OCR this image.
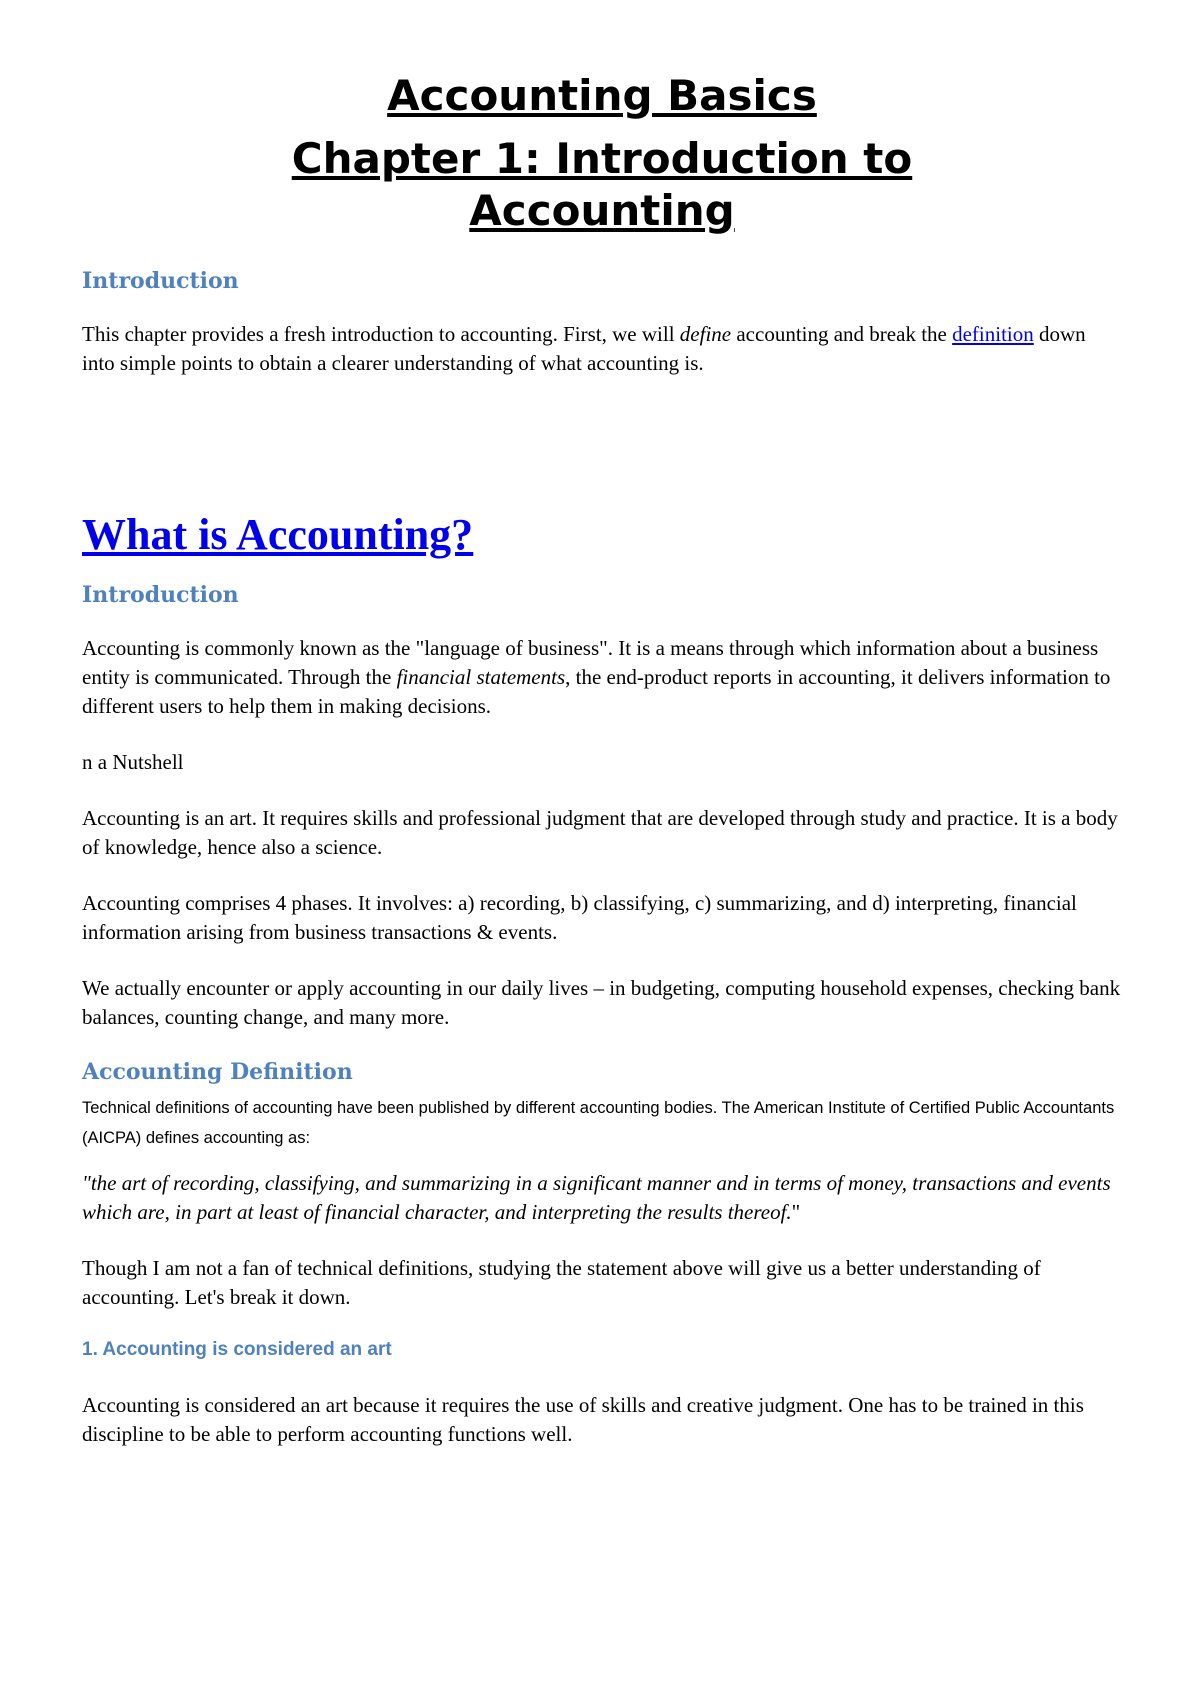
Accounting Basics
Chapter 1: Introduction to
Accounting
Introduction

This chapter provides a fresh introduction to accounting. First, we will define accounting and break the definition down into simple points to obtain a clearer understanding of what accounting is.

What is Accounting?
Introduction

Accounting is commonly known as the "language of business". It is a means through which information about a business entity is communicated. Through the financial statements, the end-product reports in accounting, it delivers information to different users to help them in making decisions.

n a Nutshell

Accounting is an art. It requires skills and professional judgment that are developed through study and practice. It is a body of knowledge, hence also a science.

Accounting comprises 4 phases. It involves: a) recording, b) classifying, c) summarizing, and d) interpreting, financial information arising from business transactions & events.

We actually encounter or apply accounting in our daily lives – in budgeting, computing household expenses, checking bank balances, counting change, and many more.

Accounting Definition

Technical definitions of accounting have been published by different accounting bodies. The American Institute of Certified Public Accountants (AICPA) defines accounting as:

"the art of recording, classifying, and summarizing in a significant manner and in terms of money, transactions and events which are, in part at least of financial character, and interpreting the results thereof."

Though I am not a fan of technical definitions, studying the statement above will give us a better understanding of accounting. Let's break it down.

1. Accounting is considered an art

Accounting is considered an art because it requires the use of skills and creative judgment. One has to be trained in this discipline to be able to perform accounting functions well.
